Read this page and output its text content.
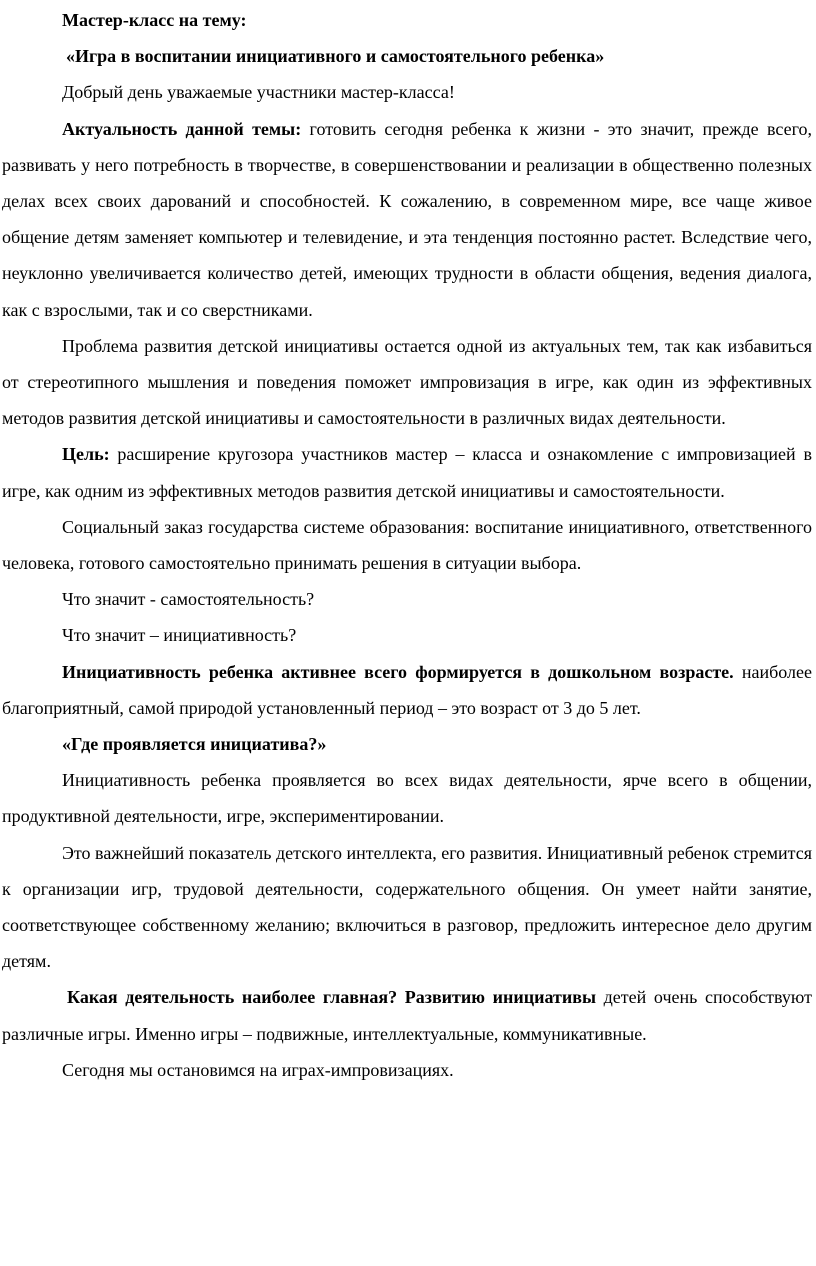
Мастер-класс на тему:

«Игра в воспитании инициативного и самостоятельного ребенка»

Добрый день уважаемые участники мастер-класса!

Актуальность данной темы: готовить сегодня ребенка к жизни - это значит, прежде всего, развивать у него потребность в творчестве, в совершенствовании и реализации в общественно полезных делах всех своих дарований и способностей. К сожалению, в современном мире, все чаще живое общение детям заменяет компьютер и телевидение, и эта тенденция постоянно растет. Вследствие чего, неуклонно увеличивается количество детей, имеющих трудности в области общения, ведения диалога, как с взрослыми, так и со сверстниками.

Проблема развития детской инициативы остается одной из актуальных тем, так как избавиться от стереотипного мышления и поведения поможет импровизация в игре, как один из эффективных методов развития детской инициативы и самостоятельности в различных видах деятельности.

Цель: расширение кругозора участников мастер – класса и ознакомление с импровизацией в игре, как одним из эффективных методов развития детской инициативы и самостоятельности.

Социальный заказ государства системе образования: воспитание инициативного, ответственного человека, готового самостоятельно принимать решения в ситуации выбора.

Что значит - самостоятельность?

Что значит – инициативность?

Инициативность ребенка активнее всего формируется в дошкольном возрасте. наиболее благоприятный, самой природой установленный период – это возраст от 3 до 5 лет.

«Где проявляется инициатива?»

Инициативность ребенка проявляется во всех видах деятельности, ярче всего в общении, продуктивной деятельности, игре, экспериментировании.

Это важнейший показатель детского интеллекта, его развития. Инициативный ребенок стремится к организации игр, трудовой деятельности, содержательного общения. Он умеет найти занятие, соответствующее собственному желанию; включиться в разговор, предложить интересное дело другим детям.

Какая деятельность наиболее главная? Развитию инициативы детей очень способствуют различные игры. Именно игры – подвижные, интеллектуальные, коммуникативные.

Сегодня мы остановимся на играх-импровизациях.
